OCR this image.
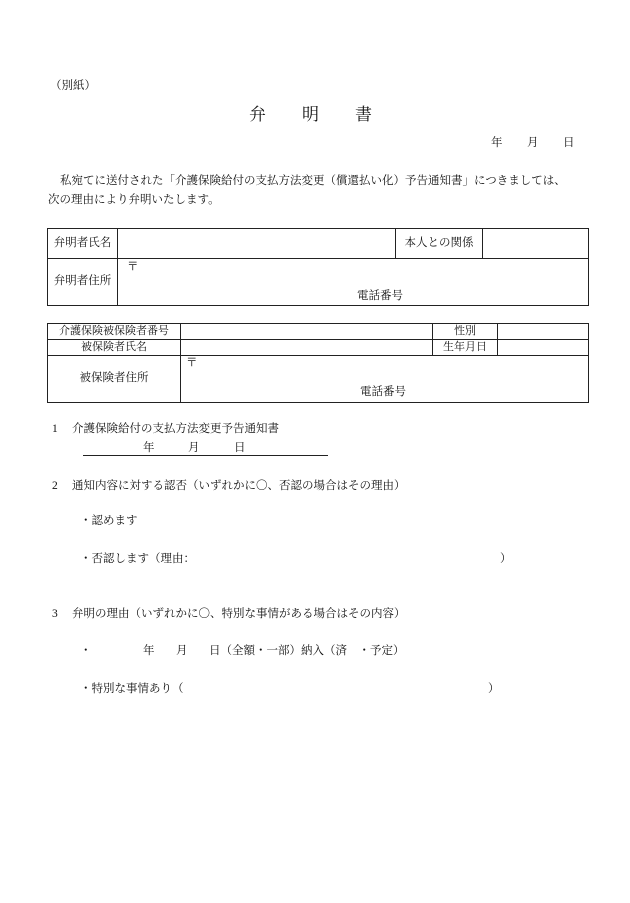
（別紙）
弁明書
年 月 日
私宛てに送付された「介護保険給付の支払方法変更（償還払い化）予告通知書」につきましては、
次の理由により弁明いたします。
弁明者氏名	本人との関係
弁明者住所
〒
電話番号
介護保険被保険者番号	性別
被保険者氏名	生年月日
被保険者住所
〒
電話番号
1 介護保険給付の支払方法変更予告通知書
年	月	日
2 通知内容に対する認否（いずれかに〇、否認の場合はその理由）
・認めます
・否認します（理由：	）
3 弁明の理由（いずれかに〇、特別な事情がある場合はその内容）
・	年 月 日（全額・一部）納入（済　・予定）
・特別な事情あり（	）
